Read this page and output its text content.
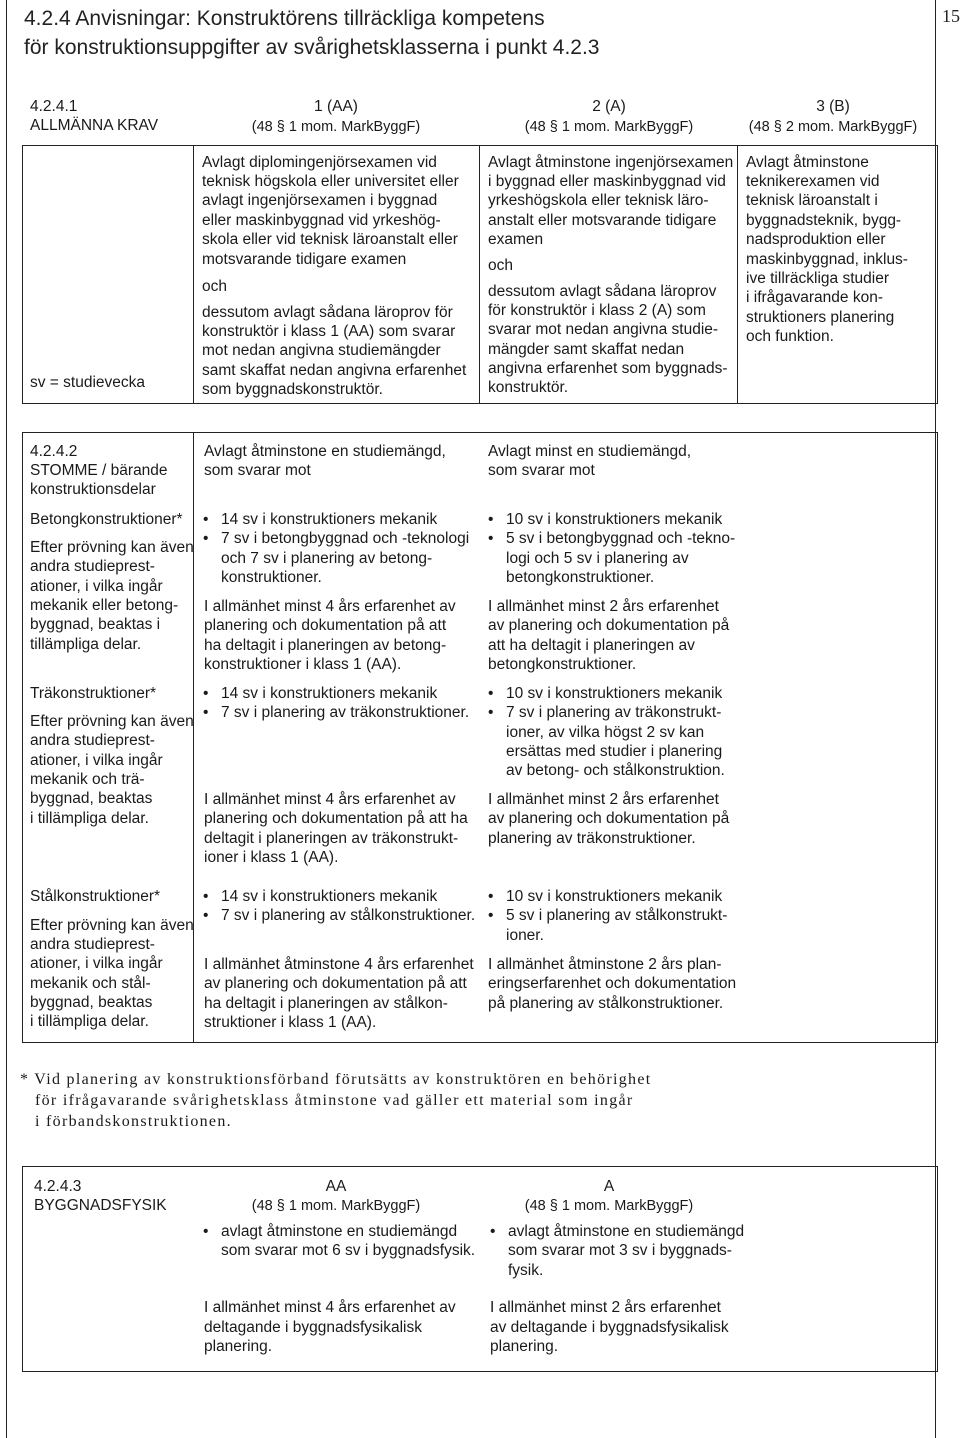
15
4.2.4 Anvisningar: Konstruktörens tillräckliga kompetens
för konstruktionsuppgifter av svårighetsklasserna i punkt 4.2.3
4.2.4.1
ALLMÄNNA KRAV
1 (AA)
(48 § 1 mom. MarkByggF)
2 (A)
(48 § 1 mom. MarkByggF)
3 (B)
(48 § 2 mom. MarkByggF)
sv = studievecka
Avlagt diplomingenjörsexamen vid
teknisk högskola eller universitet eller
avlagt ingenjörsexamen i byggnad
eller maskinbyggnad vid yrkeshög-
skola eller vid teknisk läroanstalt eller
motsvarande tidigare examen
och
dessutom avlagt sådana läroprov för
konstruktör i klass 1 (AA) som svarar
mot nedan angivna studiemängder
samt skaffat nedan angivna erfarenhet
som byggnadskonstruktör.
Avlagt åtminstone ingenjörsexamen
i byggnad eller maskinbyggnad vid
yrkeshögskola eller teknisk läro-
anstalt eller motsvarande tidigare
examen
och
dessutom avlagt sådana läroprov
för konstruktör i klass 2 (A) som
svarar mot nedan angivna studie-
mängder samt skaffat nedan
angivna erfarenhet som byggnads-
konstruktör.
Avlagt åtminstone
teknikerexamen vid
teknisk läroanstalt i
byggnadsteknik, bygg-
nadsproduktion eller
maskinbyggnad, inklus-
ive tillräckliga studier
i ifrågavarande kon-
struktioners planering
och funktion.
4.2.4.2
STOMME / bärande
konstruktionsdelar
Avlagt åtminstone en studiemängd,
som svarar mot
Avlagt minst en studiemängd,
som svarar mot
Betongkonstruktioner*
Efter prövning kan även
andra studieprest-
ationer, i vilka ingår
mekanik eller betong-
byggnad, beaktas i
tillämpliga delar.
• 14 sv i konstruktioners mekanik
• 7 sv i betongbyggnad och -teknologi
och 7 sv i planering av betong-
konstruktioner.
I allmänhet minst 4 års erfarenhet av
planering och dokumentation på att
ha deltagit i planeringen av betong-
konstruktioner i klass 1 (AA).
• 10 sv i konstruktioners mekanik
• 5 sv i betongbyggnad och -tekno-
logi och 5 sv i planering av
betongkonstruktioner.
I allmänhet minst 2 års erfarenhet
av planering och dokumentation på
att ha deltagit i planeringen av
betongkonstruktioner.
Träkonstruktioner*
Efter prövning kan även
andra studieprest-
ationer, i vilka ingår
mekanik och trä-
byggnad, beaktas
i tillämpliga delar.
• 14 sv i konstruktioners mekanik
• 7 sv i planering av träkonstruktioner.
I allmänhet minst 4 års erfarenhet av
planering och dokumentation på att ha
deltagit i planeringen av träkonstrukt-
ioner i klass 1 (AA).
• 10 sv i konstruktioners mekanik
• 7 sv i planering av träkonstrukt-
ioner, av vilka högst 2 sv kan
ersättas med studier i planering
av betong- och stålkonstruktion.
I allmänhet minst 2 års erfarenhet
av planering och dokumentation på
planering av träkonstruktioner.
Stålkonstruktioner*
Efter prövning kan även
andra studieprest-
ationer, i vilka ingår
mekanik och stål-
byggnad, beaktas
i tillämpliga delar.
• 14 sv i konstruktioners mekanik
• 7 sv i planering av stålkonstruktioner.
I allmänhet åtminstone 4 års erfarenhet
av planering och dokumentation på att
ha deltagit i planeringen av stålkon-
struktioner i klass 1 (AA).
• 10 sv i konstruktioners mekanik
• 5 sv i planering av stålkonstrukt-
ioner.
I allmänhet åtminstone 2 års plan-
eringserfarenhet och dokumentation
på planering av stålkonstruktioner.
* Vid planering av konstruktionsförband förutsätts av konstruktören en behörighet
för ifrågavarande svårighetsklass åtminstone vad gäller ett material som ingår
i förbandskonstruktionen.
4.2.4.3
BYGGNADSFYSIK
AA
(48 § 1 mom. MarkByggF)
A
(48 § 1 mom. MarkByggF)
• avlagt åtminstone en studiemängd
som svarar mot 6 sv i byggnadsfysik.
I allmänhet minst 4 års erfarenhet av
deltagande i byggnadsfysikalisk
planering.
• avlagt åtminstone en studiemängd
som svarar mot 3 sv i byggnads-
fysik.
I allmänhet minst 2 års erfarenhet
av deltagande i byggnadsfysikalisk
planering.
